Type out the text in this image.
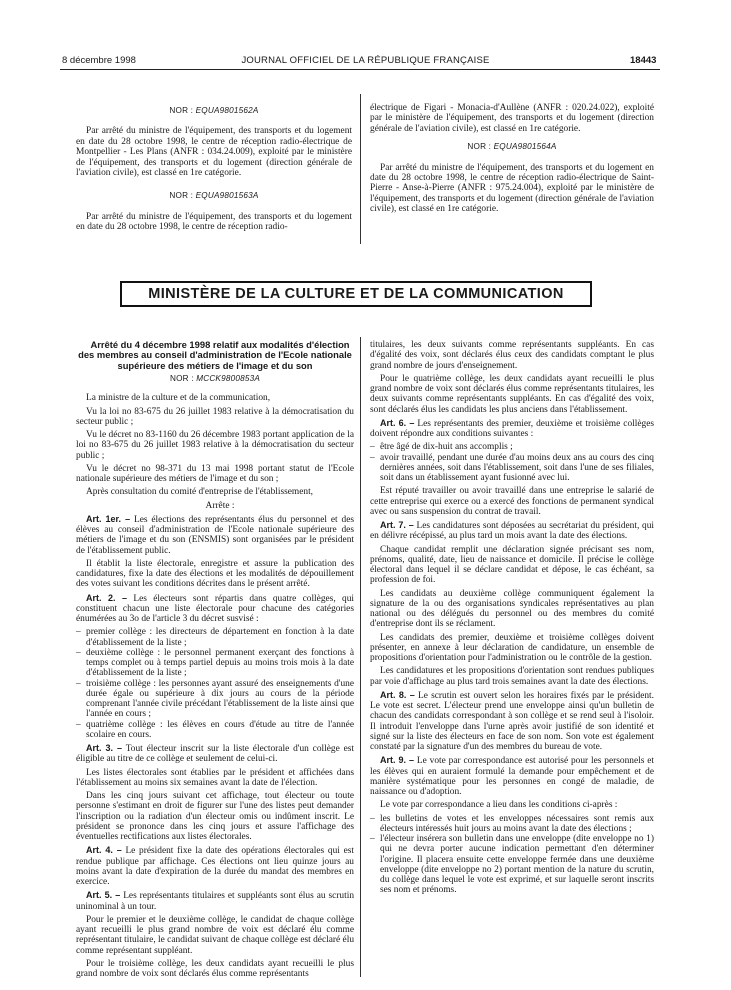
8 décembre 1998	JOURNAL OFFICIEL DE LA RÉPUBLIQUE FRANÇAISE	18443
NOR : EQUA9801562A

Par arrêté du ministre de l'équipement, des transports et du logement en date du 28 octobre 1998, le centre de réception radio-électrique de Montpellier - Les Plans (ANFR : 034.24.009), exploité par le ministère de l'équipement, des transports et du logement (direction générale de l'aviation civile), est classé en 1re catégorie.

NOR : EQUA9801563A

Par arrêté du ministre de l'équipement, des transports et du logement en date du 28 octobre 1998, le centre de réception radio-

électrique de Figari - Monacia-d'Aullène (ANFR : 020.24.022), exploité par le ministère de l'équipement, des transports et du logement (direction générale de l'aviation civile), est classé en 1re catégorie.

NOR : EQUA9801564A

Par arrêté du ministre de l'équipement, des transports et du logement en date du 28 octobre 1998, le centre de réception radio-électrique de Saint-Pierre - Anse-à-Pierre (ANFR : 975.24.004), exploité par le ministère de l'équipement, des transports et du logement (direction générale de l'aviation civile), est classé en 1re catégorie.

MINISTÈRE DE LA CULTURE ET DE LA COMMUNICATION

Arrêté du 4 décembre 1998 relatif aux modalités d'élection des membres au conseil d'administration de l'Ecole nationale supérieure des métiers de l'image et du son

NOR : MCCK9800853A

La ministre de la culture et de la communication,

Vu la loi no 83-675 du 26 juillet 1983 relative à la démocratisation du secteur public ;

Vu le décret no 83-1160 du 26 décembre 1983 portant application de la loi no 83-675 du 26 juillet 1983 relative à la démocratisation du secteur public ;

Vu le décret no 98-371 du 13 mai 1998 portant statut de l'Ecole nationale supérieure des métiers de l'image et du son ;

Après consultation du comité d'entreprise de l'établissement,

Arrête :

Art. 1er. – Les élections des représentants élus du personnel et des élèves au conseil d'administration de l'Ecole nationale supérieure des métiers de l'image et du son (ENSMIS) sont organisées par le président de l'établissement public.

Il établit la liste électorale, enregistre et assure la publication des candidatures, fixe la date des élections et les modalités de dépouillement des votes suivant les conditions décrites dans le présent arrêté.

Art. 2. – Les électeurs sont répartis dans quatre collèges, qui constituent chacun une liste électorale pour chacune des catégories énumérées au 3o de l'article 3 du décret susvisé :

– premier collège : les directeurs de département en fonction à la date d'établissement de la liste ;
– deuxième collège : le personnel permanent exerçant des fonctions à temps complet ou à temps partiel depuis au moins trois mois à la date d'établissement de la liste ;
– troisième collège : les personnes ayant assuré des enseignements d'une durée égale ou supérieure à dix jours au cours de la période comprenant l'année civile précédant l'établissement de la liste ainsi que l'année en cours ;
– quatrième collège : les élèves en cours d'étude au titre de l'année scolaire en cours.

Art. 3. – Tout électeur inscrit sur la liste électorale d'un collège est éligible au titre de ce collège et seulement de celui-ci.

Les listes électorales sont établies par le président et affichées dans l'établissement au moins six semaines avant la date de l'élection.

Dans les cinq jours suivant cet affichage, tout électeur ou toute personne s'estimant en droit de figurer sur l'une des listes peut demander l'inscription ou la radiation d'un électeur omis ou indûment inscrit. Le président se prononce dans les cinq jours et assure l'affichage des éventuelles rectifications aux listes électorales.

Art. 4. – Le président fixe la date des opérations électorales qui est rendue publique par affichage. Ces élections ont lieu quinze jours au moins avant la date d'expiration de la durée du mandat des membres en exercice.

Art. 5. – Les représentants titulaires et suppléants sont élus au scrutin uninominal à un tour.

Pour le premier et le deuxième collège, le candidat de chaque collège ayant recueilli le plus grand nombre de voix est déclaré élu comme représentant titulaire, le candidat suivant de chaque collège est déclaré élu comme représentant suppléant.

Pour le troisième collège, les deux candidats ayant recueilli le plus grand nombre de voix sont déclarés élus comme représentants

titulaires, les deux suivants comme représentants suppléants. En cas d'égalité des voix, sont déclarés élus ceux des candidats comptant le plus grand nombre de jours d'enseignement.

Pour le quatrième collège, les deux candidats ayant recueilli le plus grand nombre de voix sont déclarés élus comme représentants titulaires, les deux suivants comme représentants suppléants. En cas d'égalité des voix, sont déclarés élus les candidats les plus anciens dans l'établissement.

Art. 6. – Les représentants des premier, deuxième et troisième collèges doivent répondre aux conditions suivantes :

– être âgé de dix-huit ans accomplis ;
– avoir travaillé, pendant une durée d'au moins deux ans au cours des cinq dernières années, soit dans l'établissement, soit dans l'une de ses filiales, soit dans un établissement ayant fusionné avec lui.

Est réputé travailler ou avoir travaillé dans une entreprise le salarié de cette entreprise qui exerce ou a exercé des fonctions de permanent syndical avec ou sans suspension du contrat de travail.

Art. 7. – Les candidatures sont déposées au secrétariat du président, qui en délivre récépissé, au plus tard un mois avant la date des élections.

Chaque candidat remplit une déclaration signée précisant ses nom, prénoms, qualité, date, lieu de naissance et domicile. Il précise le collège électoral dans lequel il se déclare candidat et dépose, le cas échéant, sa profession de foi.

Les candidats au deuxième collège communiquent également la signature de la ou des organisations syndicales représentatives au plan national ou des délégués du personnel ou des membres du comité d'entreprise dont ils se réclament.

Les candidats des premier, deuxième et troisième collèges doivent présenter, en annexe à leur déclaration de candidature, un ensemble de propositions d'orientation pour l'administration ou le contrôle de la gestion.

Les candidatures et les propositions d'orientation sont rendues publiques par voie d'affichage au plus tard trois semaines avant la date des élections.

Art. 8. – Le scrutin est ouvert selon les horaires fixés par le président. Le vote est secret. L'électeur prend une enveloppe ainsi qu'un bulletin de chacun des candidats correspondant à son collège et se rend seul à l'isoloir. Il introduit l'enveloppe dans l'urne après avoir justifié de son identité et signé sur la liste des électeurs en face de son nom. Son vote est également constaté par la signature d'un des membres du bureau de vote.

Art. 9. – Le vote par correspondance est autorisé pour les personnels et les élèves qui en auraient formulé la demande pour empêchement et de manière systématique pour les personnes en congé de maladie, de naissance ou d'adoption.

Le vote par correspondance a lieu dans les conditions ci-après :

– les bulletins de votes et les enveloppes nécessaires sont remis aux électeurs intéressés huit jours au moins avant la date des élections ;
– l'électeur insérera son bulletin dans une enveloppe (dite enveloppe no 1) qui ne devra porter aucune indication permettant d'en déterminer l'origine. Il placera ensuite cette enveloppe fermée dans une deuxième enveloppe (dite enveloppe no 2) portant mention de la nature du scrutin, du collège dans lequel le vote est exprimé, et sur laquelle seront inscrits ses nom et prénoms.
